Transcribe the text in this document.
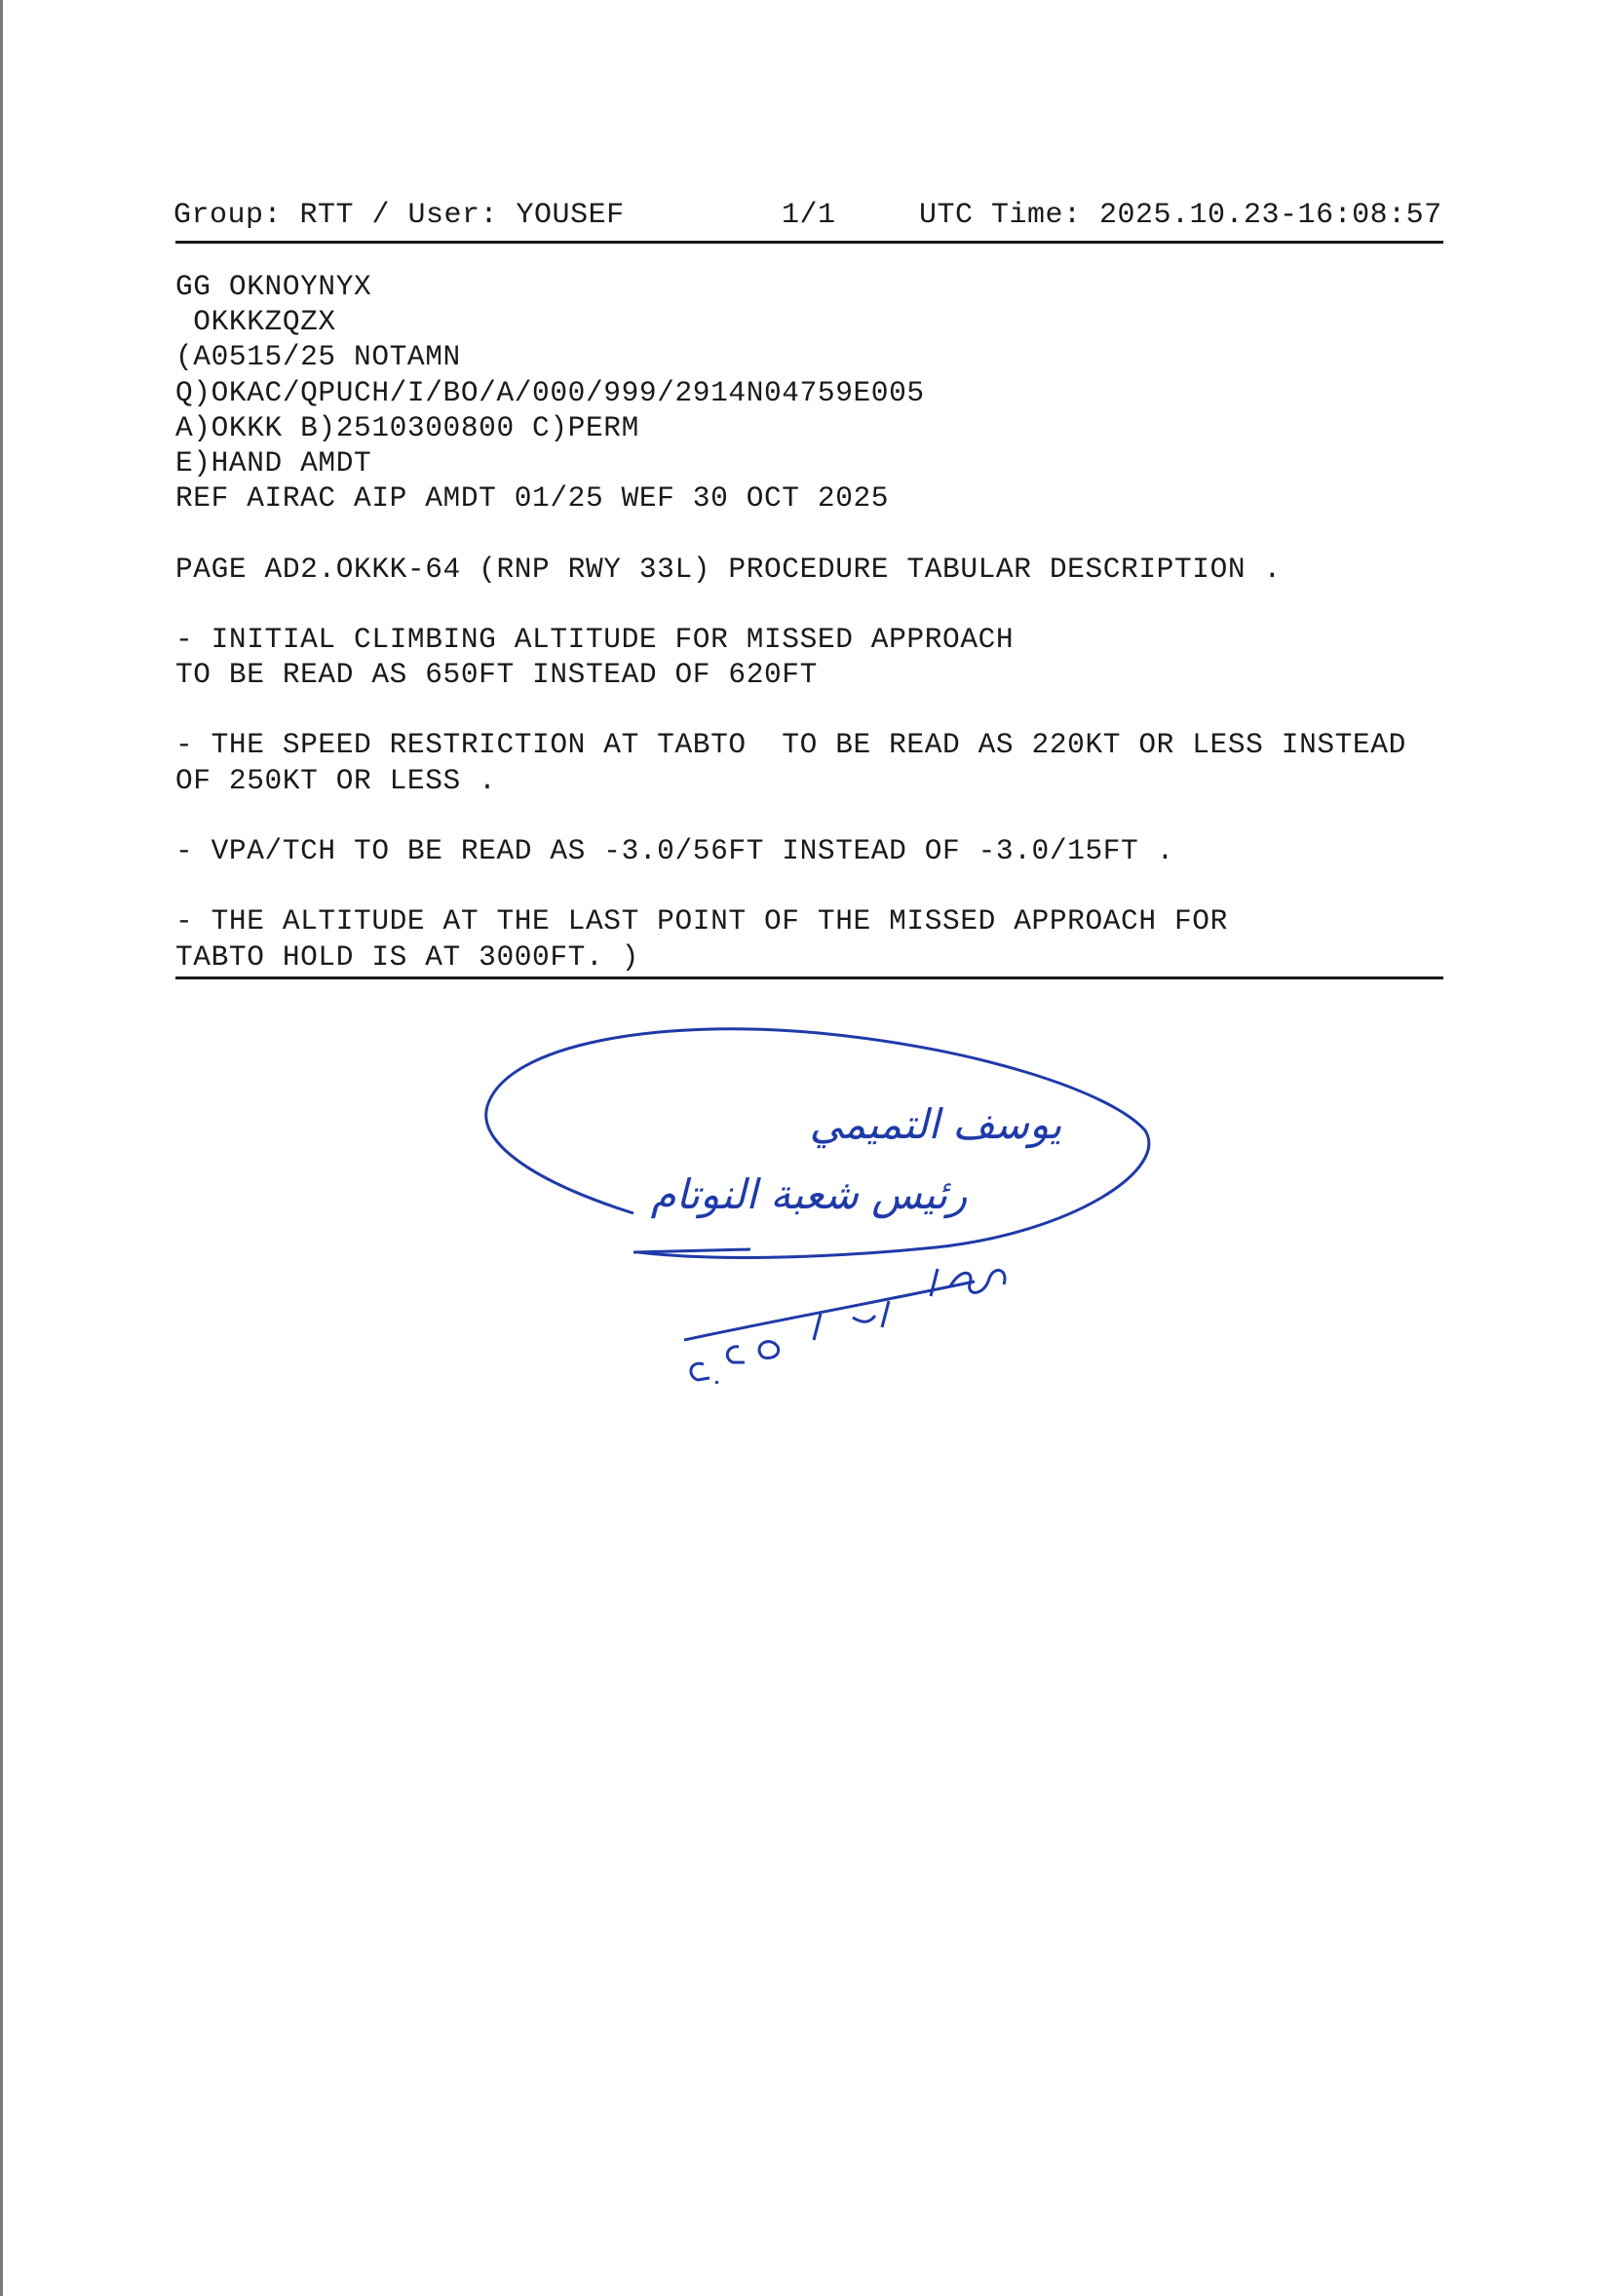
Group: RTT / User: YOUSEF	1/1	UTC Time: 2025.10.23-16:08:57
GG OKNOYNYX
OKKKZQZX
(A0515/25 NOTAMN
Q)OKAC/QPUCH/I/BO/A/000/999/2914N04759E005
A)OKKK B)2510300800 C)PERM
E)HAND AMDT
REF AIRAC AIP AMDT 01/25 WEF 30 OCT 2025
PAGE AD2.OKKK-64 (RNP RWY 33L) PROCEDURE TABULAR DESCRIPTION .
- INITIAL CLIMBING ALTITUDE FOR MISSED APPROACH
TO BE READ AS 650FT INSTEAD OF 620FT
- THE SPEED RESTRICTION AT TABTO  TO BE READ AS 220KT OR LESS INSTEAD
OF 250KT OR LESS .
- VPA/TCH TO BE READ AS -3.0/56FT INSTEAD OF -3.0/15FT .
- THE ALTITUDE AT THE LAST POINT OF THE MISSED APPROACH FOR
TABTO HOLD IS AT 3000FT. )
يوسف التميمي
رئيس شعبة النوتام
